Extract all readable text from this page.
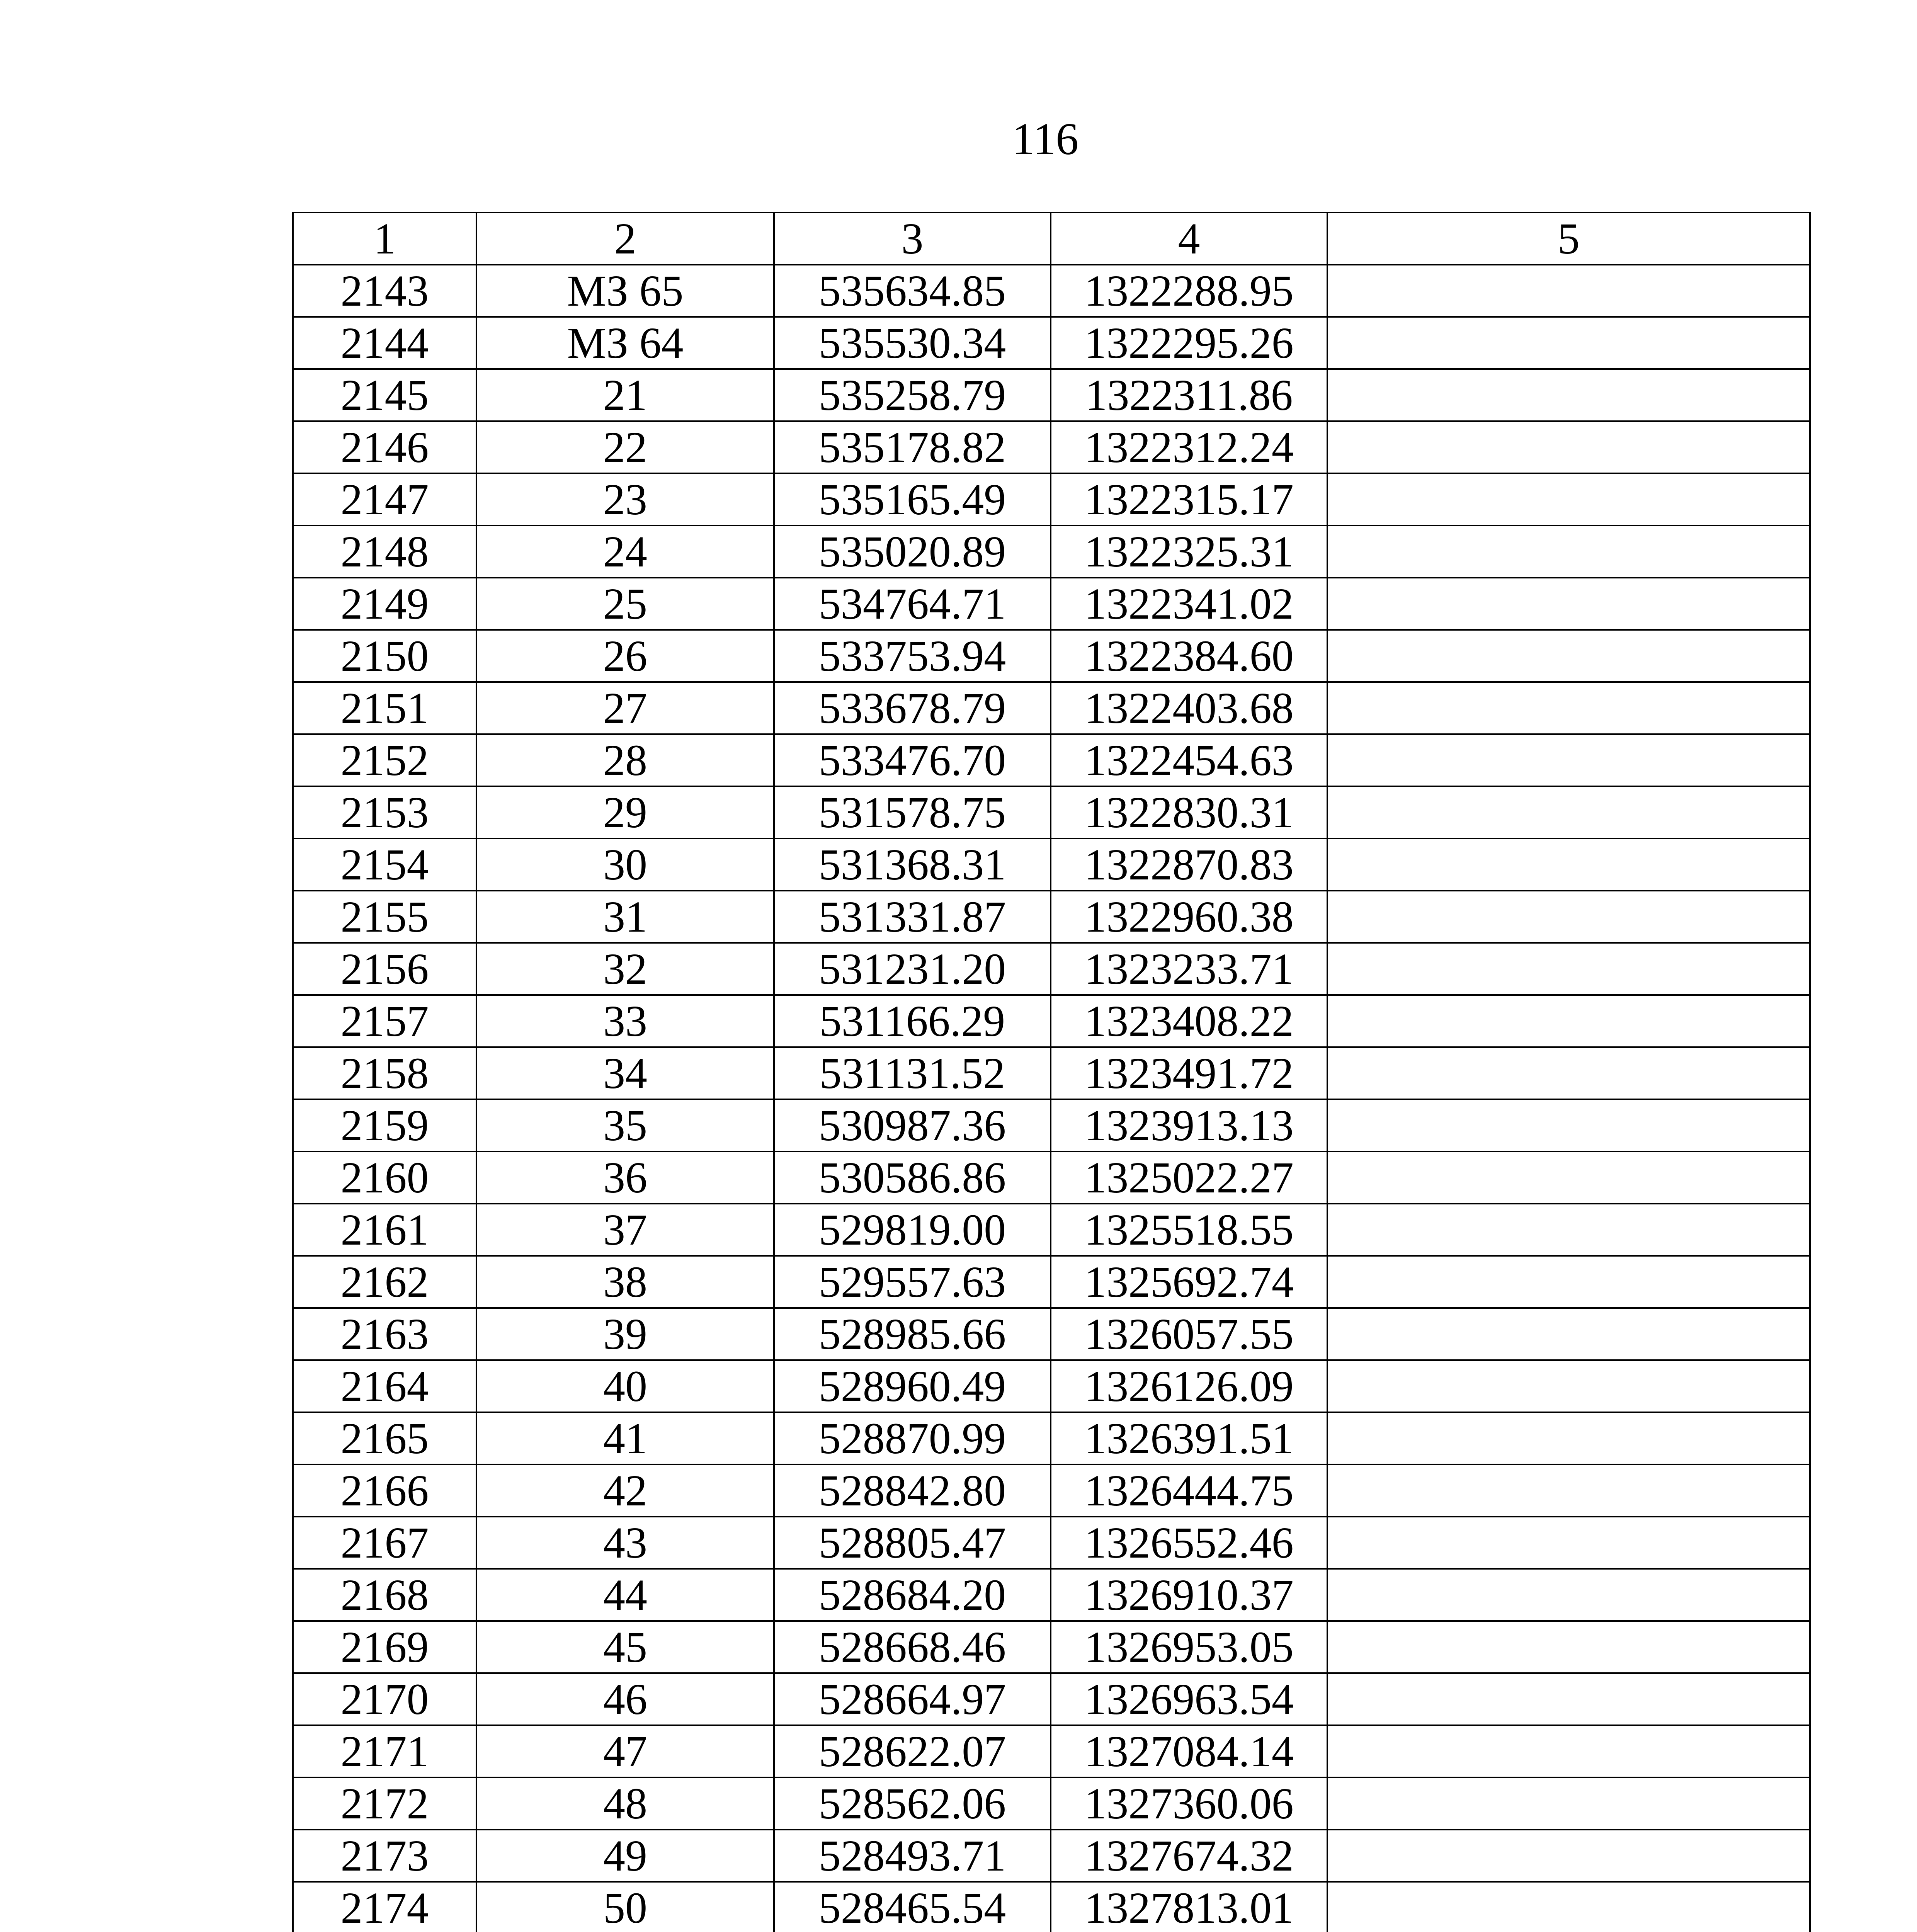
116
1	2	3	4	5
2143	МЗ 65	535634.85	1322288.95	
2144	МЗ 64	535530.34	1322295.26	
2145	21	535258.79	1322311.86	
2146	22	535178.82	1322312.24	
2147	23	535165.49	1322315.17	
2148	24	535020.89	1322325.31	
2149	25	534764.71	1322341.02	
2150	26	533753.94	1322384.60	
2151	27	533678.79	1322403.68	
2152	28	533476.70	1322454.63	
2153	29	531578.75	1322830.31	
2154	30	531368.31	1322870.83	
2155	31	531331.87	1322960.38	
2156	32	531231.20	1323233.71	
2157	33	531166.29	1323408.22	
2158	34	531131.52	1323491.72	
2159	35	530987.36	1323913.13	
2160	36	530586.86	1325022.27	
2161	37	529819.00	1325518.55	
2162	38	529557.63	1325692.74	
2163	39	528985.66	1326057.55	
2164	40	528960.49	1326126.09	
2165	41	528870.99	1326391.51	
2166	42	528842.80	1326444.75	
2167	43	528805.47	1326552.46	
2168	44	528684.20	1326910.37	
2169	45	528668.46	1326953.05	
2170	46	528664.97	1326963.54	
2171	47	528622.07	1327084.14	
2172	48	528562.06	1327360.06	
2173	49	528493.71	1327674.32	
2174	50	528465.54	1327813.01	
